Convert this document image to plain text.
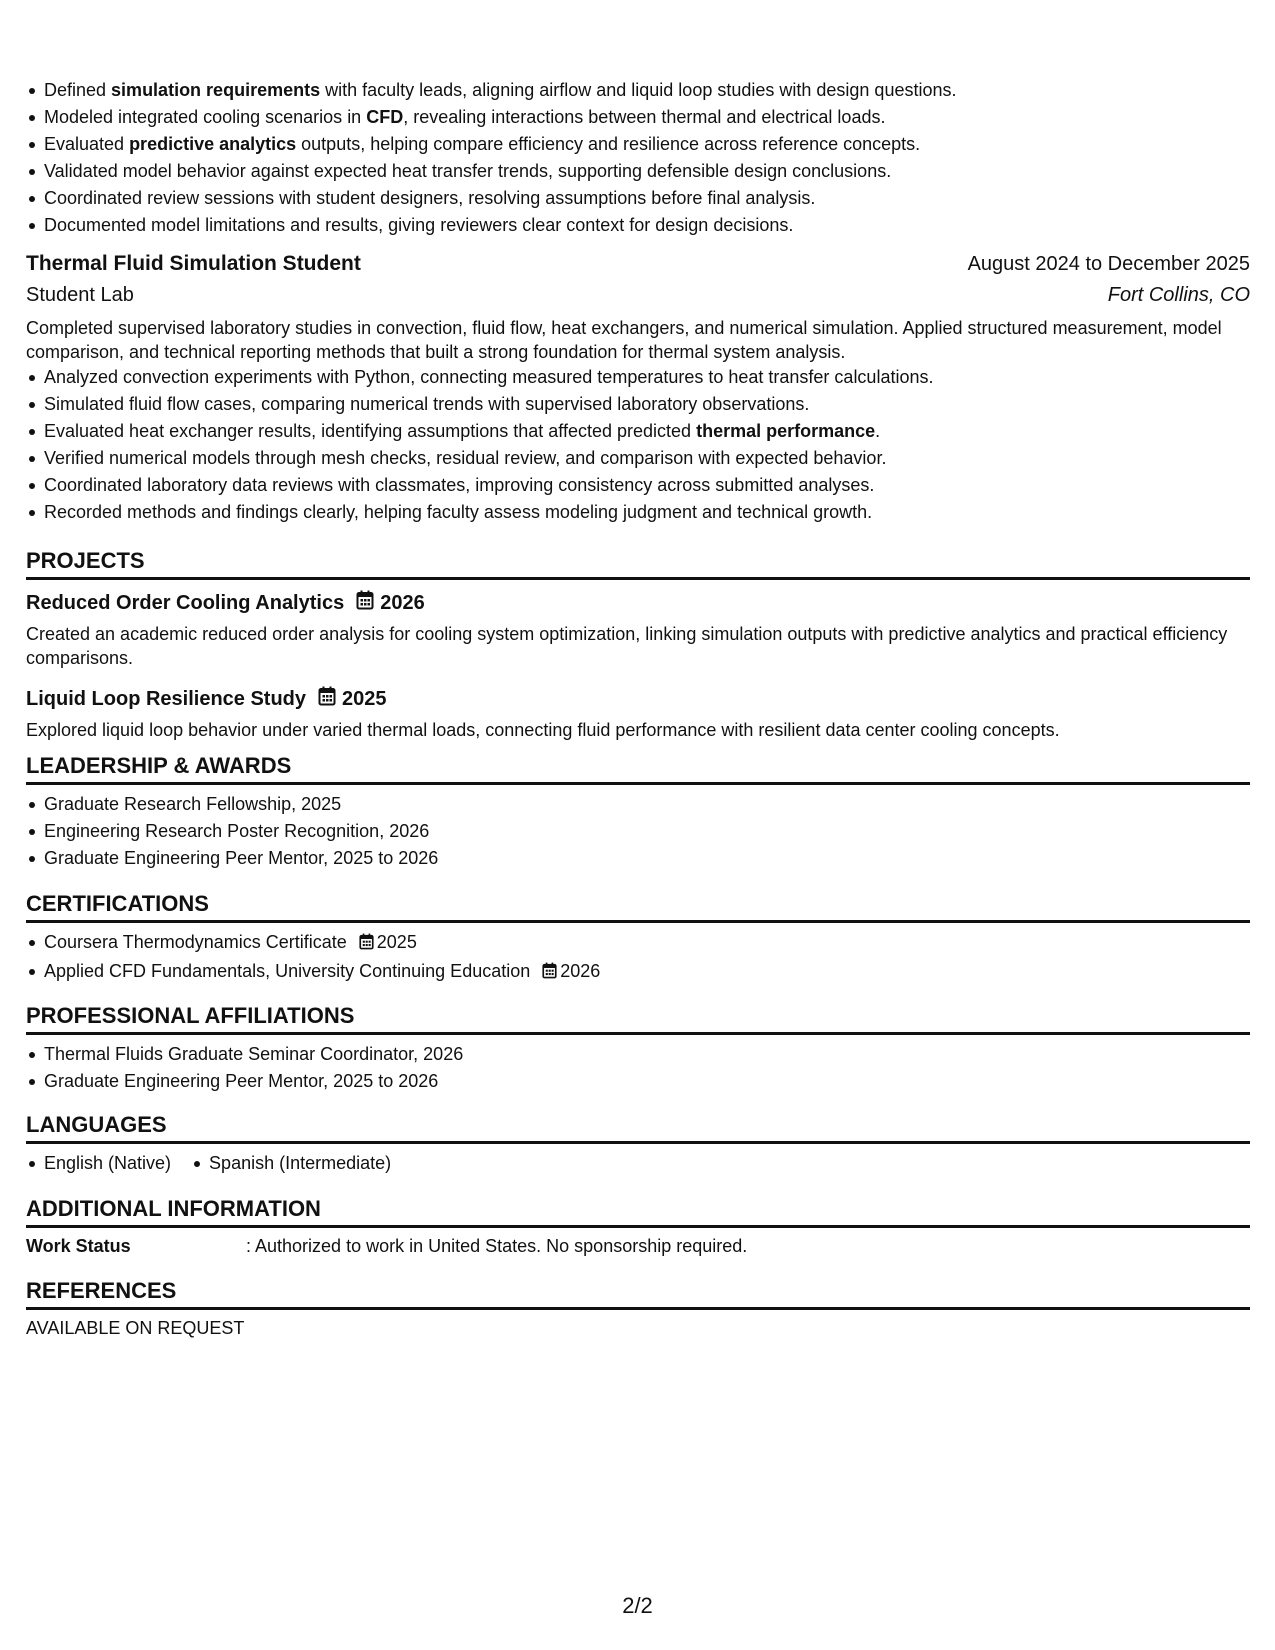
Defined simulation requirements with faculty leads, aligning airflow and liquid loop studies with design questions.
Modeled integrated cooling scenarios in CFD, revealing interactions between thermal and electrical loads.
Evaluated predictive analytics outputs, helping compare efficiency and resilience across reference concepts.
Validated model behavior against expected heat transfer trends, supporting defensible design conclusions.
Coordinated review sessions with student designers, resolving assumptions before final analysis.
Documented model limitations and results, giving reviewers clear context for design decisions.
Thermal Fluid Simulation Student	August 2024 to December 2025
Student Lab	Fort Collins, CO
Completed supervised laboratory studies in convection, fluid flow, heat exchangers, and numerical simulation. Applied structured measurement, model comparison, and technical reporting methods that built a strong foundation for thermal system analysis.
Analyzed convection experiments with Python, connecting measured temperatures to heat transfer calculations.
Simulated fluid flow cases, comparing numerical trends with supervised laboratory observations.
Evaluated heat exchanger results, identifying assumptions that affected predicted thermal performance.
Verified numerical models through mesh checks, residual review, and comparison with expected behavior.
Coordinated laboratory data reviews with classmates, improving consistency across submitted analyses.
Recorded methods and findings clearly, helping faculty assess modeling judgment and technical growth.
PROJECTS
Reduced Order Cooling Analytics 2026
Created an academic reduced order analysis for cooling system optimization, linking simulation outputs with predictive analytics and practical efficiency comparisons.
Liquid Loop Resilience Study 2025
Explored liquid loop behavior under varied thermal loads, connecting fluid performance with resilient data center cooling concepts.
LEADERSHIP & AWARDS
Graduate Research Fellowship, 2025
Engineering Research Poster Recognition, 2026
Graduate Engineering Peer Mentor, 2025 to 2026
CERTIFICATIONS
Coursera Thermodynamics Certificate 2025
Applied CFD Fundamentals, University Continuing Education 2026
PROFESSIONAL AFFILIATIONS
Thermal Fluids Graduate Seminar Coordinator, 2026
Graduate Engineering Peer Mentor, 2025 to 2026
LANGUAGES
English (Native)	Spanish (Intermediate)
ADDITIONAL INFORMATION
Work Status	: Authorized to work in United States. No sponsorship required.
REFERENCES
AVAILABLE ON REQUEST
2/2
